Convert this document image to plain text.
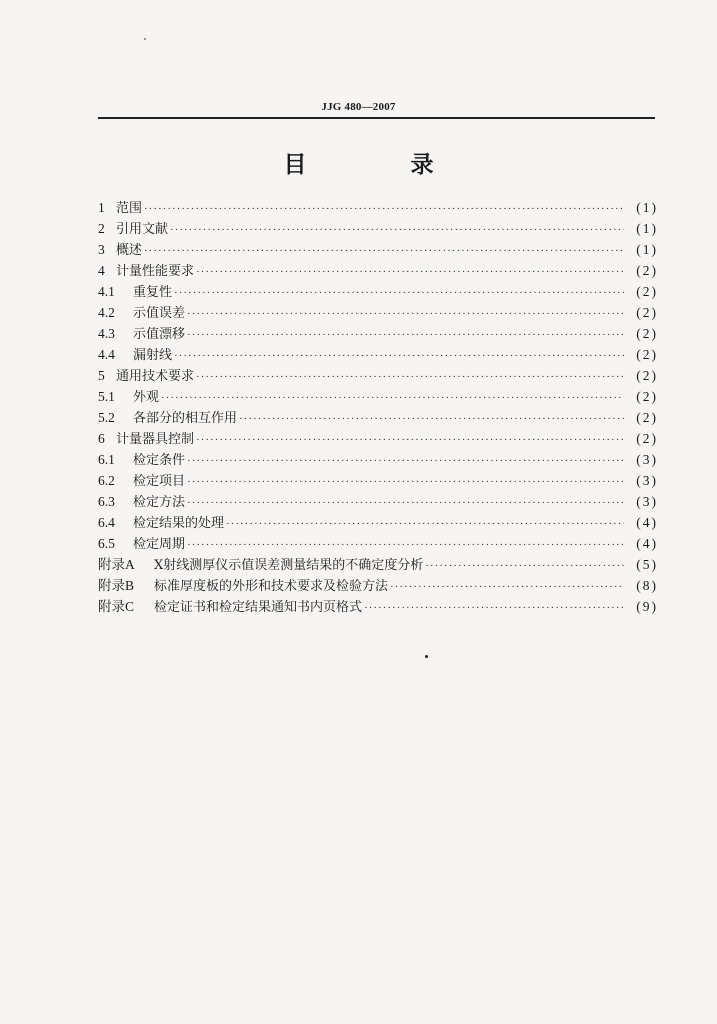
JJG 480—2007
目 录
1 范围 ·····	(1)
2 引用文献 ·····	(1)
3 概述 ·····	(1)
4 计量性能要求 ·····	(2)
4.1	重复性 ·····	(2)
4.2	示值误差 ·····	(2)
4.3	示值漂移 ·····	(2)
4.4	漏射线 ·····	(2)
5 通用技术要求 ·····	(2)
5.1	外观 ·····	(2)
5.2	各部分的相互作用 ·····	(2)
6 计量器具控制 ·····	(2)
6.1	检定条件 ·····	(3)
6.2	检定项目 ·····	(3)
6.3	检定方法 ·····	(3)
6.4	检定结果的处理 ·····	(4)
6.5	检定周期 ·····	(4)
附录A	X射线测厚仪示值误差测量结果的不确定度分析 ·····	(5)
附录B	标准厚度板的外形和技术要求及检验方法 ·····	(8)
附录C	检定证书和检定结果通知书内页格式 ·····	(9)
